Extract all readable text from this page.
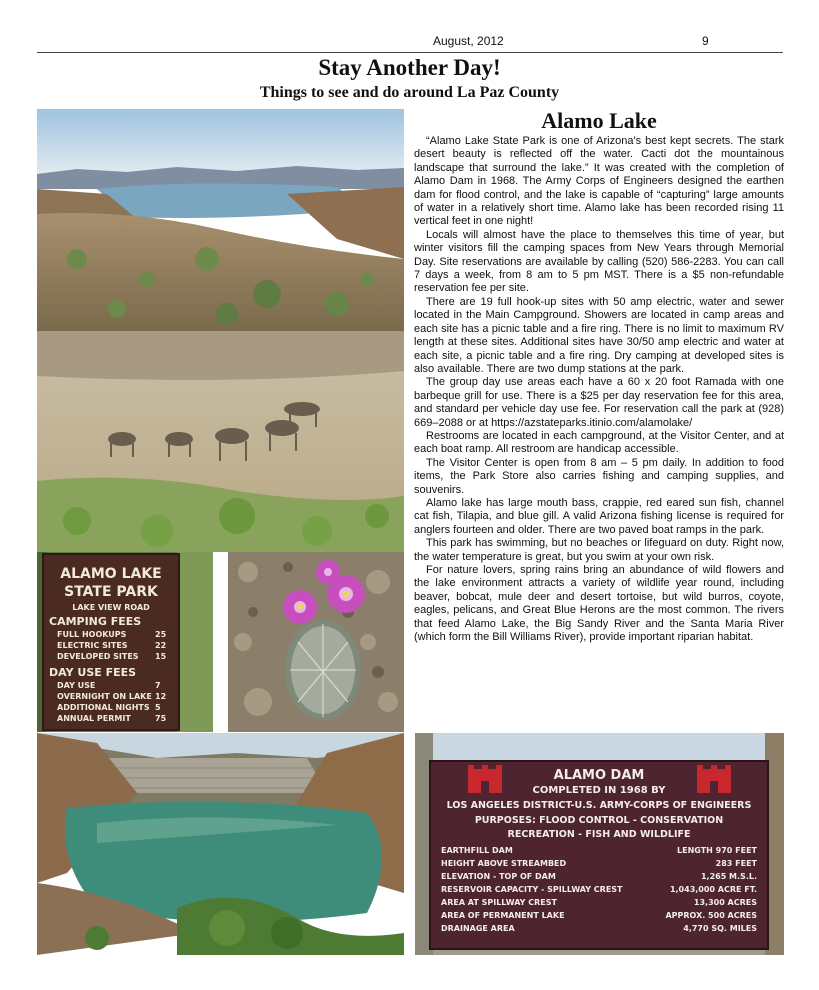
August, 2012	9
Stay Another Day!
Things to see and do around La Paz County
ALAMO LAKE
STATE PARK
LAKE VIEW ROAD
CAMPING FEES
FULL HOOKUPS	25
ELECTRIC SITES	22
DEVELOPED SITES 15
DAY USE FEES
DAY USE	7
OVERNIGHT ON LAKE 12
ADDITIONAL NIGHTS 5
ANNUAL PERMIT	75
ALAMO DAM
COMPLETED IN 1968 BY
LOS ANGELES DISTRICT-U.S. ARMY-CORPS OF ENGINEERS
PURPOSES: FLOOD CONTROL - CONSERVATION
RECREATION - FISH AND WILDLIFE
EARTHFILL DAM	LENGTH 970 FEET
HEIGHT ABOVE STREAMBED	283 FEET
ELEVATION - TOP OF DAM	1,265 M.S.L.
RESERVOIR CAPACITY - SPILLWAY CREST	1,043,000 ACRE FT.
AREA AT SPILLWAY CREST	13,300 ACRES
AREA OF PERMANENT LAKE	APPROX. 500 ACRES
DRAINAGE AREA	4,770 SQ. MILES
Alamo Lake

“Alamo Lake State Park is one of Arizona's best kept secrets. The stark desert beauty is reflected off the water. Cacti dot the mountainous landscape that surround the lake.” It was created with the completion of Alamo Dam in 1968. The Army Corps of Engineers designed the earthen dam for flood control, and the lake is capable of “capturing” large amounts of water in a relatively short time. Alamo lake has been recorded rising 11 vertical feet in one night!

Locals will almost have the place to themselves this time of year, but winter visitors fill the camping spaces from New Years through Memorial Day. Site reservations are available by calling (520) 586-2283. You can call 7 days a week, from 8 am to 5 pm MST. There is a $5 non-refundable reservation fee per site.

There are 19 full hook-up sites with 50 amp electric, water and sewer located in the Main Campground. Showers are located in camp areas and each site has a picnic table and a fire ring. There is no limit to maximum RV length at these sites. Additional sites have 30/50 amp electric and water at each site, a picnic table and a fire ring. Dry camping at developed sites is also available. There are two dump stations at the park.

The group day use areas each have a 60 x 20 foot Ramada with one barbeque grill for use. There is a $25 per day reservation fee for this area, and standard per vehicle day use fee. For reservation call the park at (928) 669–2088 or at https://azstateparks.itinio.com/alamolake/

Restrooms are located in each campground, at the Visitor Center, and at each boat ramp. All restroom are handicap accessible.

The Visitor Center is open from 8 am – 5 pm daily. In addition to food items, the Park Store also carries fishing and camping supplies, and souvenirs.

Alamo lake has large mouth bass, crappie, red eared sun fish, channel cat fish, Tilapia, and blue gill. A valid Arizona fishing license is required for anglers fourteen and older. There are two paved boat ramps in the park.

This park has swimming, but no beaches or lifeguard on duty. Right now, the water temperature is great, but you swim at your own risk.

For nature lovers, spring rains bring an abundance of wild flowers and the lake environment attracts a variety of wildlife year round, including beaver, bobcat, mule deer and desert tortoise, but wild burros, coyote, eagles, pelicans, and Great Blue Herons are the most common. The rivers that feed Alamo Lake, the Big Sandy River and the Santa Maria River (which form the Bill Williams River), provide important riparian habitat.
